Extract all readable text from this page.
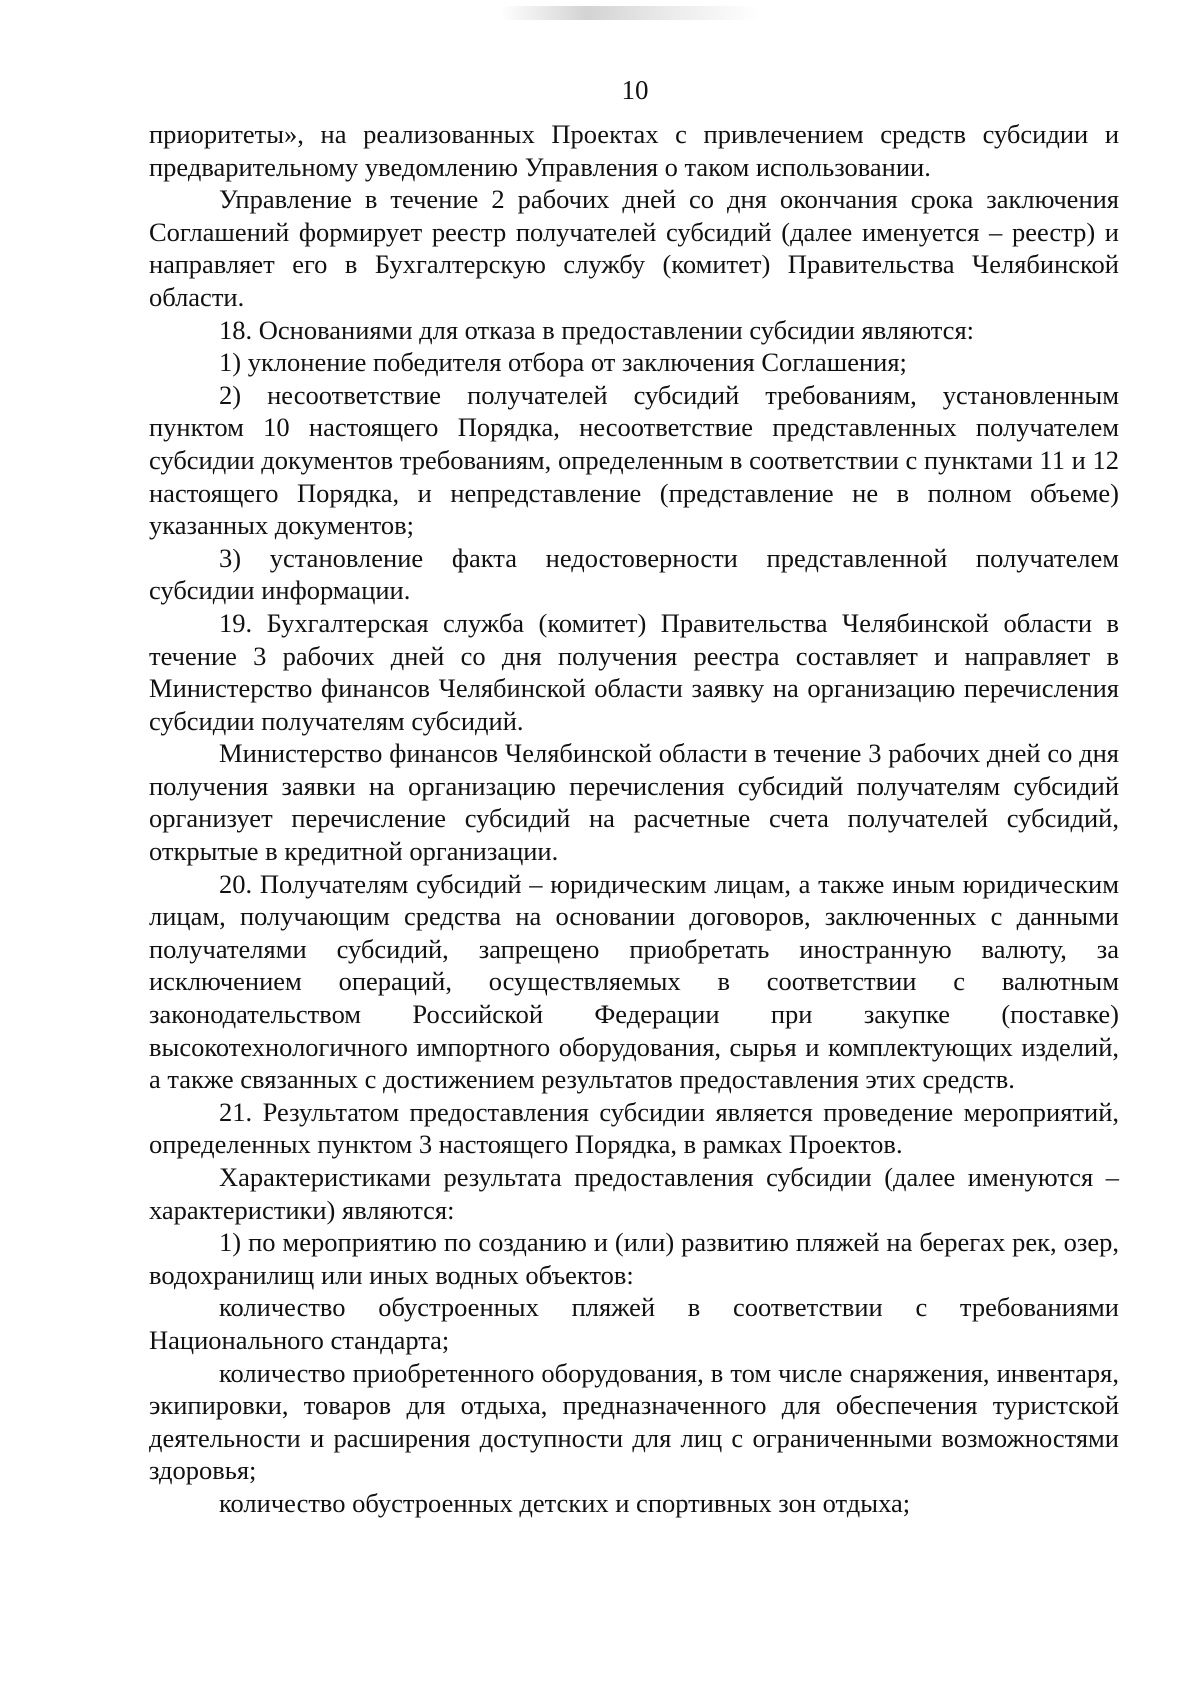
10

приоритеты», на реализованных Проектах с привлечением средств субсидии и предварительному уведомлению Управления о таком использовании.

Управление в течение 2 рабочих дней со дня окончания срока заключения Соглашений формирует реестр получателей субсидий (далее именуется – реестр) и направляет его в Бухгалтерскую службу (комитет) Правительства Челябинской области.

18. Основаниями для отказа в предоставлении субсидии являются:

1) уклонение победителя отбора от заключения Соглашения;

2) несоответствие получателей субсидий требованиям, установленным пунктом 10 настоящего Порядка, несоответствие представленных получателем субсидии документов требованиям, определенным в соответствии с пунктами 11 и 12 настоящего Порядка, и непредставление (представление не в полном объеме) указанных документов;

3) установление факта недостоверности представленной получателем субсидии информации.

19. Бухгалтерская служба (комитет) Правительства Челябинской области в течение 3 рабочих дней со дня получения реестра составляет и направляет в Министерство финансов Челябинской области заявку на организацию перечисления субсидии получателям субсидий.

Министерство финансов Челябинской области в течение 3 рабочих дней со дня получения заявки на организацию перечисления субсидий получателям субсидий организует перечисление субсидий на расчетные счета получателей субсидий, открытые в кредитной организации.

20. Получателям субсидий – юридическим лицам, а также иным юридическим лицам, получающим средства на основании договоров, заключенных с данными получателями субсидий, запрещено приобретать иностранную валюту, за исключением операций, осуществляемых в соответствии с валютным законодательством Российской Федерации при закупке (поставке) высокотехнологичного импортного оборудования, сырья и комплектующих изделий, а также связанных с достижением результатов предоставления этих средств.

21. Результатом предоставления субсидии является проведение мероприятий, определенных пунктом 3 настоящего Порядка, в рамках Проектов.

Характеристиками результата предоставления субсидии (далее именуются – характеристики) являются:

1) по мероприятию по созданию и (или) развитию пляжей на берегах рек, озер, водохранилищ или иных водных объектов:

количество обустроенных пляжей в соответствии с требованиями Национального стандарта;

количество приобретенного оборудования, в том числе снаряжения, инвентаря, экипировки, товаров для отдыха, предназначенного для обеспечения туристской деятельности и расширения доступности для лиц с ограниченными возможностями здоровья;

количество обустроенных детских и спортивных зон отдыха;
